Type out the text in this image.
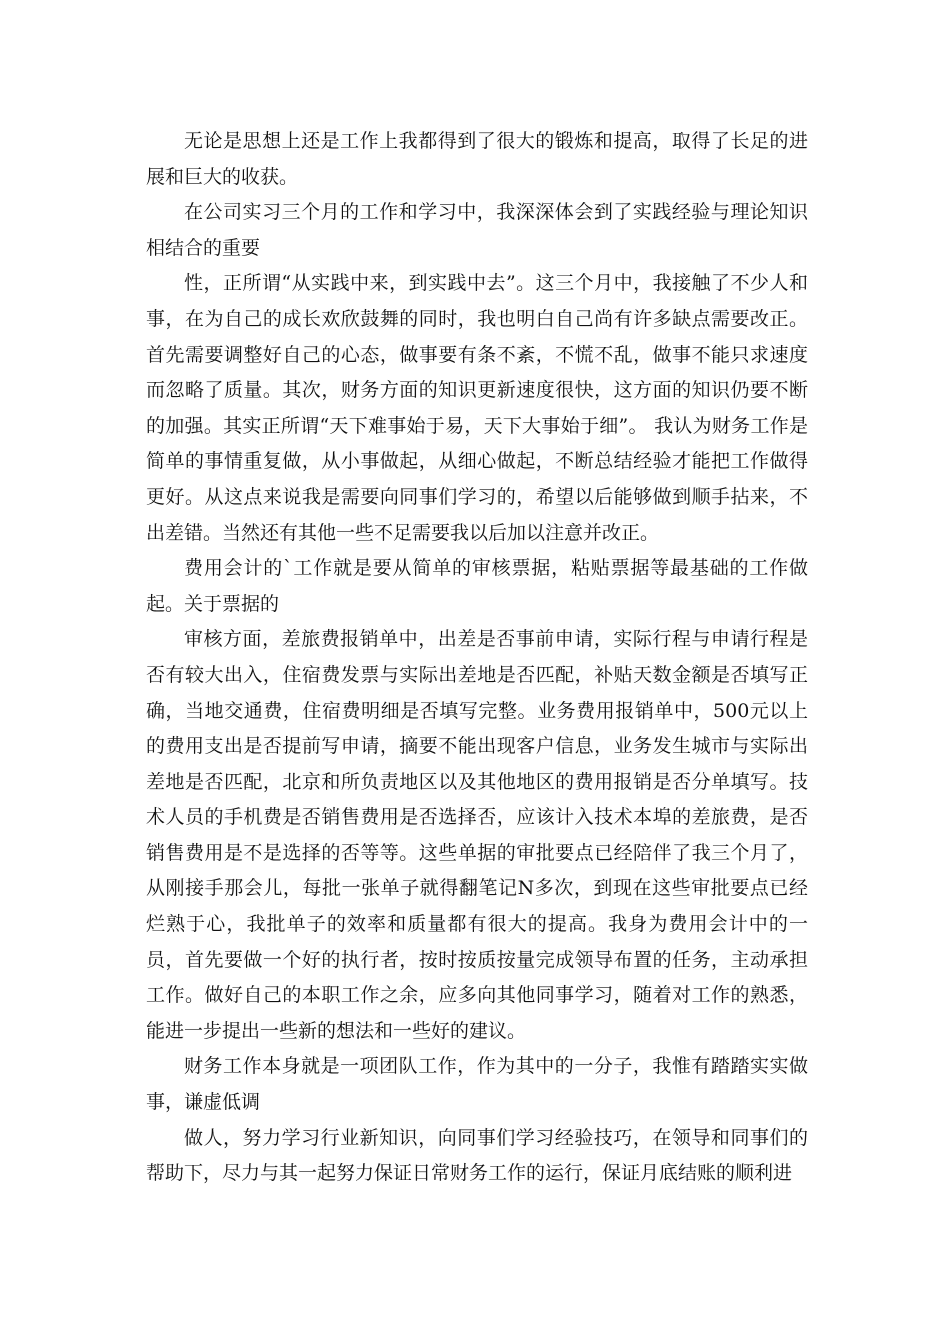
无论是思想上还是工作上我都得到了很大的锻炼和提高，取得了长足的进展和巨大的收获。

在公司实习三个月的工作和学习中，我深深体会到了实践经验与理论知识相结合的重要

性，正所谓“从实践中来，到实践中去”。这三个月中，我接触了不少人和事，在为自己的成长欢欣鼓舞的同时，我也明白自己尚有许多缺点需要改正。首先需要调整好自己的心态，做事要有条不紊，不慌不乱，做事不能只求速度而忽略了质量。其次，财务方面的知识更新速度很快，这方面的知识仍要不断的加强。其实正所谓“天下难事始于易，天下大事始于细”。 我认为财务工作是简单的事情重复做，从小事做起，从细心做起，不断总结经验才能把工作做得更好。从这点来说我是需要向同事们学习的，希望以后能够做到顺手拈来，不出差错。当然还有其他一些不足需要我以后加以注意并改正。

费用会计的`工作就是要从简单的审核票据，粘贴票据等最基础的工作做起。关于票据的

审核方面，差旅费报销单中，出差是否事前申请，实际行程与申请行程是否有较大出入，住宿费发票与实际出差地是否匹配，补贴天数金额是否填写正确，当地交通费，住宿费明细是否填写完整。业务费用报销单中，500元以上的费用支出是否提前写申请，摘要不能出现客户信息，业务发生城市与实际出差地是否匹配，北京和所负责地区以及其他地区的费用报销是否分单填写。技术人员的手机费是否销售费用是否选择否，应该计入技术本埠的差旅费，是否销售费用是不是选择的否等等。这些单据的审批要点已经陪伴了我三个月了，从刚接手那会儿，每批一张单子就得翻笔记N多次，到现在这些审批要点已经烂熟于心，我批单子的效率和质量都有很大的提高。我身为费用会计中的一员，首先要做一个好的执行者，按时按质按量完成领导布置的任务，主动承担工作。做好自己的本职工作之余，应多向其他同事学习，随着对工作的熟悉，能进一步提出一些新的想法和一些好的建议。

财务工作本身就是一项团队工作，作为其中的一分子，我惟有踏踏实实做事，谦虚低调

做人，努力学习行业新知识，向同事们学习经验技巧，在领导和同事们的帮助下，尽力与其一起努力保证日常财务工作的运行，保证月底结账的顺利进
